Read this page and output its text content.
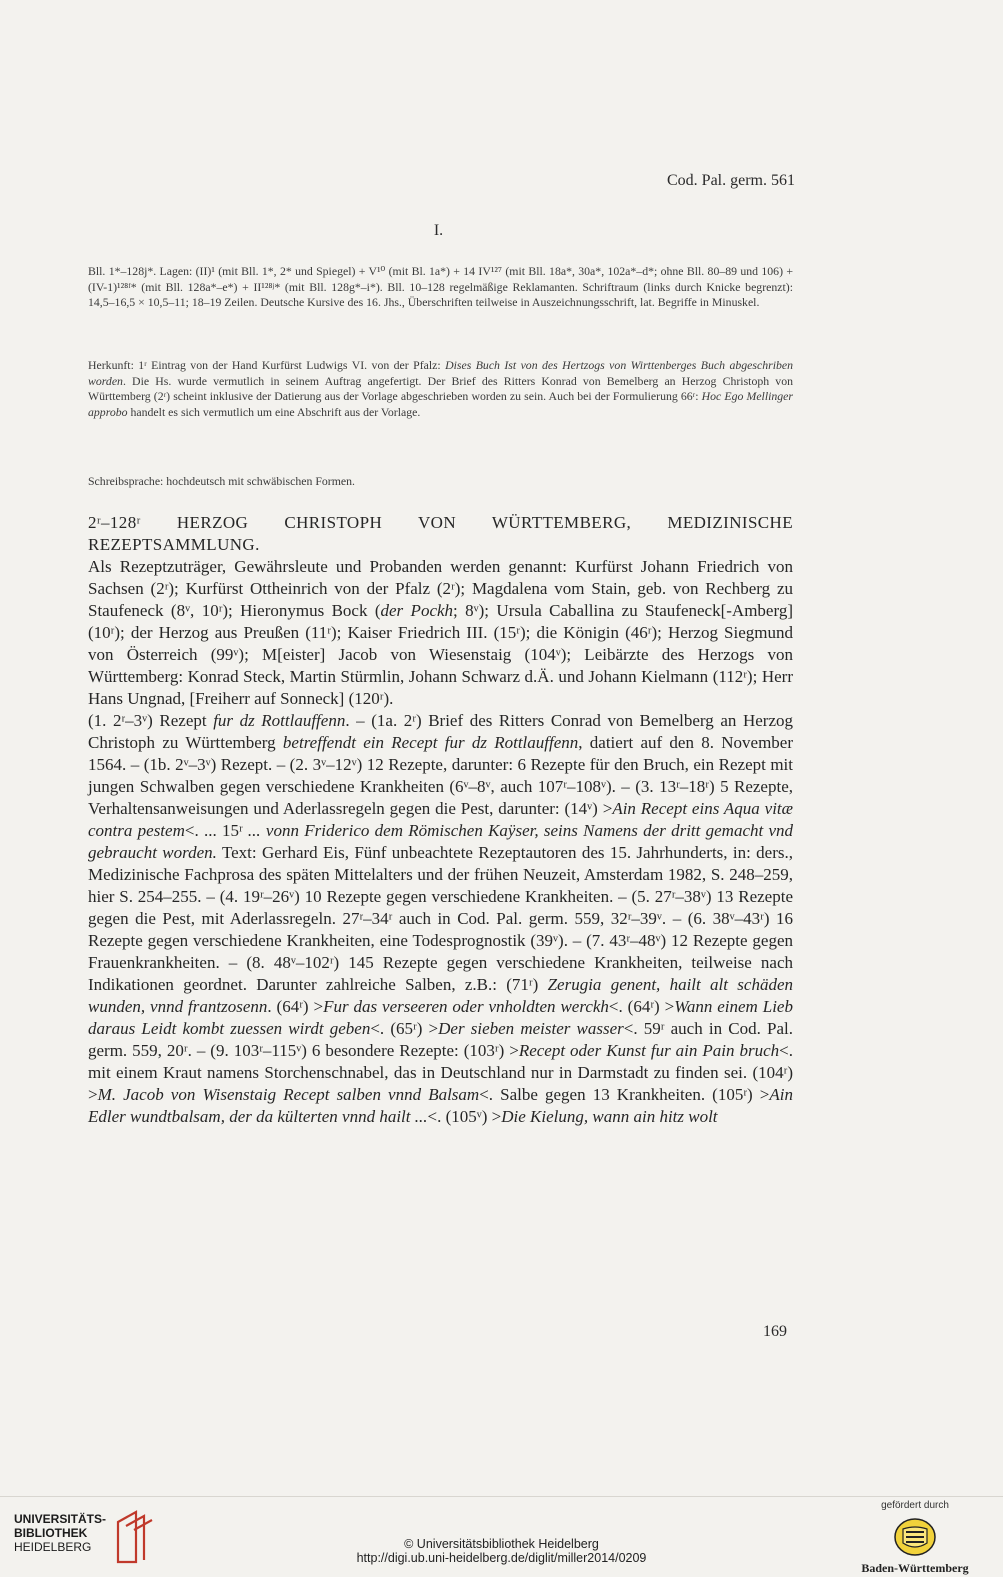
Cod. Pal. germ. 561
I.
Bll. 1*–128j*. Lagen: (II)¹ (mit Bll. 1*, 2* und Spiegel) + V¹⁰ (mit Bl. 1a*) + 14 IV¹²⁷ (mit Bll. 18a*, 30a*, 102a*–d*; ohne Bll. 80–89 und 106) + (IV-1)¹²⁸ᶠ* (mit Bll. 128a*–e*) + II¹²⁸ʲ* (mit Bll. 128g*–i*). Bll. 10–128 regelmäßige Reklamanten. Schriftraum (links durch Knicke begrenzt): 14,5–16,5 × 10,5–11; 18–19 Zeilen. Deutsche Kursive des 16. Jhs., Überschriften teilweise in Auszeichnungsschrift, lat. Begriffe in Minuskel.
Herkunft: 1ʳ Eintrag von der Hand Kurfürst Ludwigs VI. von der Pfalz: Dises Buch Ist von des Hertzogs von Wirttenberges Buch abgeschriben worden. Die Hs. wurde vermutlich in seinem Auftrag angefertigt. Der Brief des Ritters Konrad von Bemelberg an Herzog Christoph von Württemberg (2ʳ) scheint inklusive der Datierung aus der Vorlage abgeschrieben worden zu sein. Auch bei der Formulierung 66ʳ: Hoc Ego Mellinger approbo handelt es sich vermutlich um eine Abschrift aus der Vorlage.
Schreibsprache: hochdeutsch mit schwäbischen Formen.

2ʳ–128ʳ HERZOG CHRISTOPH VON WÜRTTEMBERG, MEDIZINISCHE REZEPTSAMMLUNG.

Als Rezeptzuträger, Gewährsleute und Probanden werden genannt: Kurfürst Johann Friedrich von Sachsen (2ʳ); Kurfürst Ottheinrich von der Pfalz (2ʳ); Magdalena vom Stain, geb. von Rechberg zu Staufeneck (8ᵛ, 10ʳ); Hieronymus Bock (der Pockh; 8ᵛ); Ursula Caballina zu Staufeneck[-Amberg] (10ʳ); der Herzog aus Preußen (11ʳ); Kaiser Friedrich III. (15ʳ); die Königin (46ʳ); Herzog Siegmund von Österreich (99ᵛ); M[eister] Jacob von Wiesenstaig (104ᵛ); Leibärzte des Herzogs von Württemberg: Konrad Steck, Martin Stürmlin, Johann Schwarz d.Ä. und Johann Kielmann (112ʳ); Herr Hans Ungnad, [Freiherr auf Sonneck] (120ʳ).

(1. 2ʳ–3ᵛ) Rezept fur dz Rottlauffenn. – (1a. 2ʳ) Brief des Ritters Conrad von Bemelberg an Herzog Christoph zu Württemberg betreffendt ein Recept fur dz Rottlauffenn, datiert auf den 8. November 1564. – (1b. 2ᵛ–3ᵛ) Rezept. – (2. 3ᵛ–12ᵛ) 12 Rezepte, darunter: 6 Rezepte für den Bruch, ein Rezept mit jungen Schwalben gegen verschiedene Krankheiten (6ᵛ–8ᵛ, auch 107ʳ–108ᵛ). – (3. 13ʳ–18ʳ) 5 Rezepte, Verhaltensanweisungen und Aderlassregeln gegen die Pest, darunter: (14ᵛ) >Ain Recept eins Aqua vitæ contra pestem<. ... 15ʳ ... vonn Friderico dem Römischen Kaÿser, seins Namens der dritt gemacht vnd gebraucht worden. Text: Gerhard Eis, Fünf unbeachtete Rezeptautoren des 15. Jahrhunderts, in: ders., Medizinische Fachprosa des späten Mittelalters und der frühen Neuzeit, Amsterdam 1982, S. 248–259, hier S. 254–255. – (4. 19ʳ–26ᵛ) 10 Rezepte gegen verschiedene Krankheiten. – (5. 27ʳ–38ᵛ) 13 Rezepte gegen die Pest, mit Aderlassregeln. 27ʳ–34ʳ auch in Cod. Pal. germ. 559, 32ʳ–39ᵛ. – (6. 38ᵛ–43ʳ) 16 Rezepte gegen verschiedene Krankheiten, eine Todesprognostik (39ᵛ). – (7. 43ʳ–48ᵛ) 12 Rezepte gegen Frauenkrankheiten. – (8. 48ᵛ–102ʳ) 145 Rezepte gegen verschiedene Krankheiten, teilweise nach Indikationen geordnet. Darunter zahlreiche Salben, z.B.: (71ʳ) Zerugia genent, hailt alt schäden wunden, vnnd frantzosenn. (64ʳ) >Fur das verseeren oder vnholdten werckh<. (64ʳ) >Wann einem Lieb daraus Leidt kombt zuessen wirdt geben<. (65ʳ) >Der sieben meister wasser<. 59ʳ auch in Cod. Pal. germ. 559, 20ʳ. – (9. 103ʳ–115ᵛ) 6 besondere Rezepte: (103ʳ) >Recept oder Kunst fur ain Pain bruch<. mit einem Kraut namens Storchenschnabel, das in Deutschland nur in Darmstadt zu finden sei. (104ʳ) >M. Jacob von Wisenstaig Recept salben vnnd Balsam<. Salbe gegen 13 Krankheiten. (105ʳ) >Ain Edler wundtbalsam, der da külterten vnnd hailt ...<. (105ᵛ) >Die Kielung, wann ain hitz wolt

169
UNIVERSITÄTS-
BIBLIOTHEK
HEIDELBERG	© Universitätsbibliothek Heidelberg
http://digi.ub.uni-heidelberg.de/diglit/miller2014/0209
gefördert durch
Baden-Württemberg
